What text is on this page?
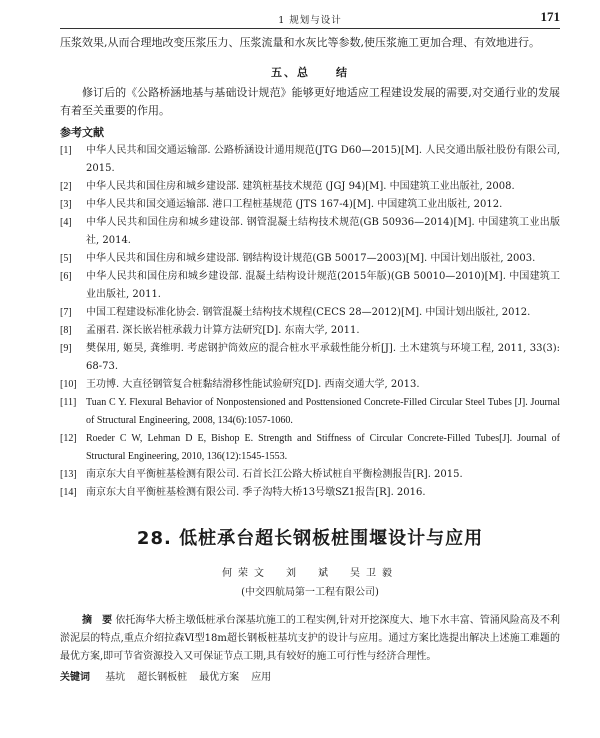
1 规划与设计	171

压浆效果,从而合理地改变压浆压力、压浆流量和水灰比等参数,使压浆施工更加合理、有效地进行。

五、总　　结

修订后的《公路桥涵地基与基础设计规范》能够更好地适应工程建设发展的需要,对交通行业的发展有着至关重要的作用。

参考文献
[1]	中华人民共和国交通运输部. 公路桥涵设计通用规范(JTG D60—2015)[M]. 人民交通出版社股份有限公司, 2015.
[2]	中华人民共和国住房和城乡建设部. 建筑桩基技术规范 (JGJ 94)[M]. 中国建筑工业出版社, 2008.
[3]	中华人民共和国交通运输部. 港口工程桩基规范 (JTS 167-4)[M]. 中国建筑工业出版社, 2012.
[4]	中华人民共和国住房和城乡建设部. 钢管混凝土结构技术规范(GB 50936—2014)[M]. 中国建筑工业出版社, 2014.
[5]	中华人民共和国住房和城乡建设部. 钢结构设计规范(GB 50017—2003)[M]. 中国计划出版社, 2003.
[6]	中华人民共和国住房和城乡建设部. 混凝土结构设计规范(2015年版)(GB 50010—2010)[M]. 中国建筑工业出版社, 2011.
[7]	中国工程建设标准化协会. 钢管混凝土结构技术规程(CECS 28—2012)[M]. 中国计划出版社, 2012.
[8]	孟丽君. 深长嵌岩桩承载力计算方法研究[D]. 东南大学, 2011.
[9]	樊保用, 姬昊, 龚维明. 考虑钢护筒效应的混合桩水平承载性能分析[J]. 土木建筑与环境工程, 2011, 33(3): 68-73.
[10] 王功博. 大直径钢管复合桩黏结滑移性能试验研究[D]. 西南交通大学, 2013.
[11] Tuan C Y. Flexural Behavior of Nonpostensioned and Posttensioned Concrete-Filled Circular Steel Tubes [J]. Journal of Structural Engineering, 2008, 134(6):1057-1060.
[12] Roeder C W, Lehman D E, Bishop E. Strength and Stiffness of Circular Concrete-Filled Tubes[J]. Journal of Structural Engineering, 2010, 136(12):1545-1553.
[13] 南京东大自平衡桩基检测有限公司. 石首长江公路大桥试桩自平衡检测报告[R]. 2015.
[14] 南京东大自平衡桩基检测有限公司. 季子沟特大桥13号墩SZ1报告[R]. 2016.
28. 低桩承台超长钢板桩围堰设计与应用
何荣文　刘　斌　吴卫毅
(中交四航局第一工程有限公司)
摘　要 依托海华大桥主墩低桩承台深基坑施工的工程实例,针对开挖深度大、地下水丰富、管涌风险高及不利淤泥层的特点,重点介绍拉森Ⅵ型18m超长钢板桩基坑支护的设计与应用。通过方案比选提出解决上述施工难题的最优方案,即可节省资源投入又可保证节点工期,具有较好的施工可行性与经济合理性。
关键词 基坑 超长钢板桩 最优方案 应用
